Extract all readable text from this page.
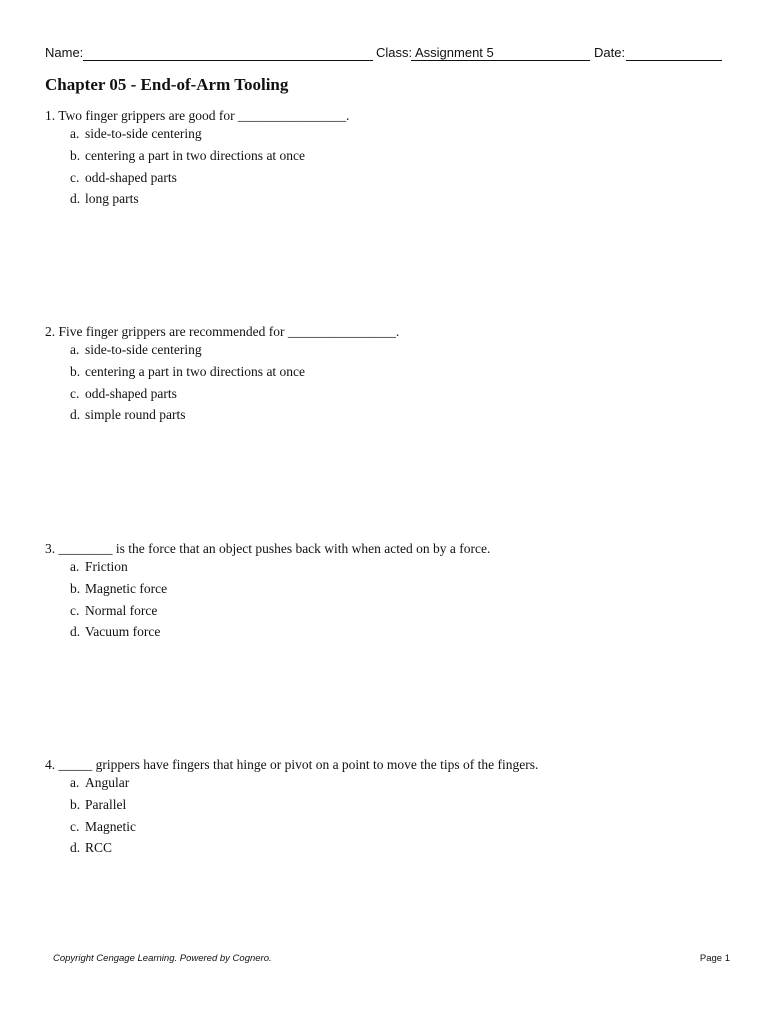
Name:	Class: Assignment 5	Date:
Chapter 05 - End-of-Arm Tooling

1. Two finger grippers are good for ________________.

a. side-to-side centering
b. centering a part in two directions at once
c. odd-shaped parts
d. long parts

2. Five finger grippers are recommended for ________________.

a. side-to-side centering
b. centering a part in two directions at once
c. odd-shaped parts
d. simple round parts

3. ________ is the force that an object pushes back with when acted on by a force.

a. Friction
b. Magnetic force
c. Normal force
d. Vacuum force

4. _____ grippers have fingers that hinge or pivot on a point to move the tips of the fingers.

a. Angular
b. Parallel
c. Magnetic
d. RCC
Copyright Cengage Learning. Powered by Cognero.	Page 1
